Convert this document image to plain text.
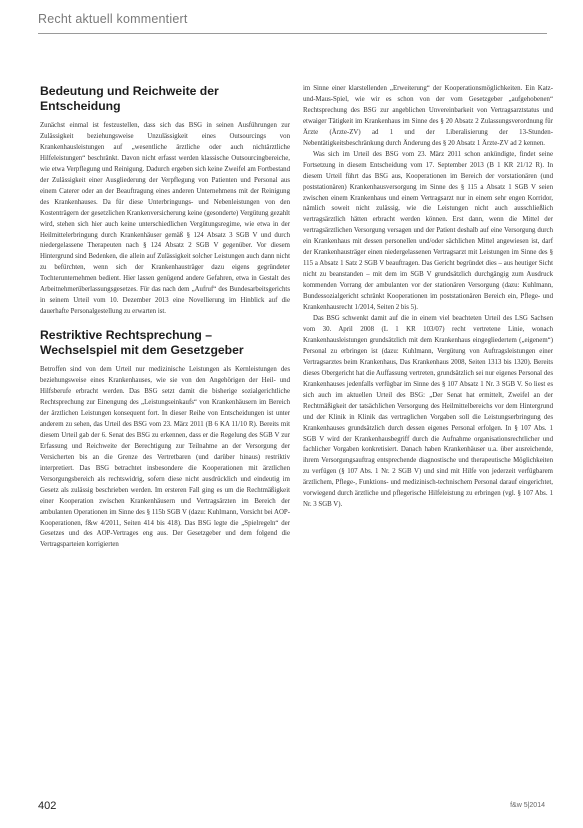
Recht aktuell kommentiert
Bedeutung und Reichweite der Entscheidung

Zunächst einmal ist festzustellen, dass sich das BSG in seinen Ausführungen zur Zulässigkeit beziehungsweise Unzulässigkeit eines Outsourcings von Krankenhausleistungen auf „wesentliche ärztliche oder auch nichtärztliche Hilfeleistungen“ beschränkt. Davon nicht erfasst werden klassische Outsourcingbereiche, wie etwa Verpflegung und Reinigung. Dadurch ergeben sich keine Zweifel am Fortbestand der Zulässigkeit einer Ausgliederung der Verpflegung von Patienten und Personal aus einem Caterer oder an der Beauftragung eines anderen Unternehmens mit der Reinigung des Krankenhauses. Da für diese Unterbringungs- und Nebenleistungen von den Kostenträgern der gesetzlichen Krankenversicherung keine (gesonderte) Vergütung gezahlt wird, stehen sich hier auch keine unterschiedlichen Vergütungsregime, wie etwa in der Heilmittelerbringung durch Krankenhäuser gemäß § 124 Absatz 3 SGB V und durch niedergelassene Therapeuten nach § 124 Absatz 2 SGB V gegenüber. Vor diesem Hintergrund sind Bedenken, die allein auf Zulässigkeit solcher Leistungen auch dann nicht zu befürchten, wenn sich der Krankenhausträger dazu eigens gegründeter Tochterunternehmen bedient. Hier lassen genügend andere Gefahren, etwa in Gestalt des Arbeitnehmerüberlassungsgesetzes. Für das nach dem „Aufruf“ des Bundesarbeitsgerichts in seinem Urteil vom 10. Dezember 2013 eine Novellierung im Hinblick auf die dauerhafte Personalgestellung zu erwarten ist.

Restriktive Rechtsprechung – Wechselspiel mit dem Gesetzgeber

Betroffen sind von dem Urteil nur medizinische Leistungen als Kernleistungen des beziehungsweise eines Krankenhauses, wie sie von den Angehörigen der Heil- und Hilfsberufe erbracht werden. Das BSG setzt damit die bisherige sozialgerichtliche Rechtsprechung zur Einengung des „Leistungseinkaufs“ von Krankenhäusern im Bereich der ärztlichen Leistungen konsequent fort. In dieser Reihe von Entscheidungen ist unter anderem zu sehen, das Urteil des BSG vom 23. März 2011 (B 6 KA 11/10 R). Bereits mit diesem Urteil gab der 6. Senat des BSG zu erkennen, dass er die Regelung des SGB V zur Erfassung und Reichweite der Berechtigung zur Teilnahme an der Versorgung der Versicherten bis an die Grenze des Vertretbaren (und darüber hinaus) restriktiv interpretiert. Das BSG betrachtet insbesondere die Kooperationen mit ärztlichen Versorgungsbereich als rechtswidrig, sofern diese nicht ausdrücklich und eindeutig im Gesetz als zulässig beschrieben werden. Im ersteren Fall ging es um die Rechtmäßigkeit einer Kooperation zwischen Krankenhäusern und Vertragsärzten im Bereich der ambulanten Operationen im Sinne des § 115b SGB V (dazu: Kuhlmann, Vorsicht bei AOP-Kooperationen, f&w 4/2011, Seiten 414 bis 418). Das BSG legte die „Spielregeln“ der Gesetzes und des AOP-Vertrages eng aus. Der Gesetzgeber und dem folgend die Vertragsparteien korrigierten

im Sinne einer klarstellenden „Erweiterung“ der Kooperationsmöglichkeiten. Ein Katz-und-Maus-Spiel, wie wir es schon von der vom Gesetzgeber „aufgehobenen“ Rechtsprechung des BSG zur angeblichen Unvereinbarkeit von Vertragsarztstatus und etwaiger Tätigkeit im Krankenhaus im Sinne des § 20 Absatz 2 Zulassungsverordnung für Ärzte (Ärzte-ZV) ad 1 und der Liberalisierung der 13-Stunden-Nebentätigkeitsbeschränkung durch Änderung des § 20 Absatz 1 Ärzte-ZV ad 2 kennen.

Was sich im Urteil des BSG vom 23. März 2011 schon ankündigte, findet seine Fortsetzung in diesem Entscheidung vom 17. September 2013 (B 1 KR 21/12 R). In diesem Urteil führt das BSG aus, Kooperationen im Bereich der vorstationären (und poststationären) Krankenhausversorgung im Sinne des § 115 a Absatz 1 SGB V seien zwischen einem Krankenhaus und einem Vertragsarzt nur in einem sehr engen Korridor, nämlich soweit nicht zulässig, wie die Leistungen nicht auch ausschließlich vertragsärztlich hätten erbracht werden können. Erst dann, wenn die Mittel der vertragsärztlichen Versorgung versagen und der Patient deshalb auf eine Versorgung durch ein Krankenhaus mit dessen personellen und/oder sächlichen Mittel angewiesen ist, darf der Krankenhausträger einen niedergelassenen Vertragsarzt mit Leistungen im Sinne des § 115 a Absatz 1 Satz 2 SGB V beauftragen. Das Gericht begründet dies – aus heutiger Sicht nicht zu beanstanden – mit dem im SGB V grundsätzlich durchgängig zum Ausdruck kommenden Vorrang der ambulanten vor der stationären Versorgung (dazu: Kuhlmann, Bundessozialgericht schränkt Kooperationen im poststationären Bereich ein, Pflege- und Krankenhausrecht 1/2014, Seiten 2 bis 5).

Das BSG schwenkt damit auf die in einem viel beachteten Urteil des LSG Sachsen vom 30. April 2008 (L 1 KR 103/07) recht vertretene Linie, wonach Krankenhausleistungen grundsätzlich mit dem Krankenhaus eingegliedertem („eigenem“) Personal zu erbringen ist (dazu: Kuhlmann, Vergütung von Auftragsleistungen einer Vertragsarztes beim Krankenhaus, Das Krankenhaus 2008, Seiten 1313 bis 1320). Bereits dieses Obergericht hat die Auffassung vertreten, grundsätzlich sei nur eigenes Personal des Krankenhauses jedenfalls verfügbar im Sinne des § 107 Absatz 1 Nr. 3 SGB V. So liest es sich auch im aktuellen Urteil des BSG: „Der Senat hat ermittelt, Zweifel an der Rechtmäßigkeit der tatsächlichen Versorgung des Heilmittelbereichs vor dem Hintergrund und der Klinik in Klinik das vertraglichen Vorgaben soll die Leistungserbringung des Krankenhauses grundsätzlich durch dessen eigenes Personal erfolgen. In § 107 Abs. 1 SGB V wird der Krankenhausbegriff durch die Aufnahme organisationsrechtlicher und fachlicher Vorgaben konkretisiert. Danach haben Krankenhäuser u.a. über ausreichende, ihrem Versorgungsauftrag entsprechende diagnostische und therapeutische Möglichkeiten zu verfügen (§ 107 Abs. 1 Nr. 2 SGB V) und sind mit Hilfe von jederzeit verfügbarem ärztlichem, Pflege-, Funktions- und medizinisch-technischem Personal darauf eingerichtet, vorwiegend durch ärztliche und pflegerische Hilfeleistung zu erbringen (vgl. § 107 Abs. 1 Nr. 3 SGB V).

402	f&w 5|2014
